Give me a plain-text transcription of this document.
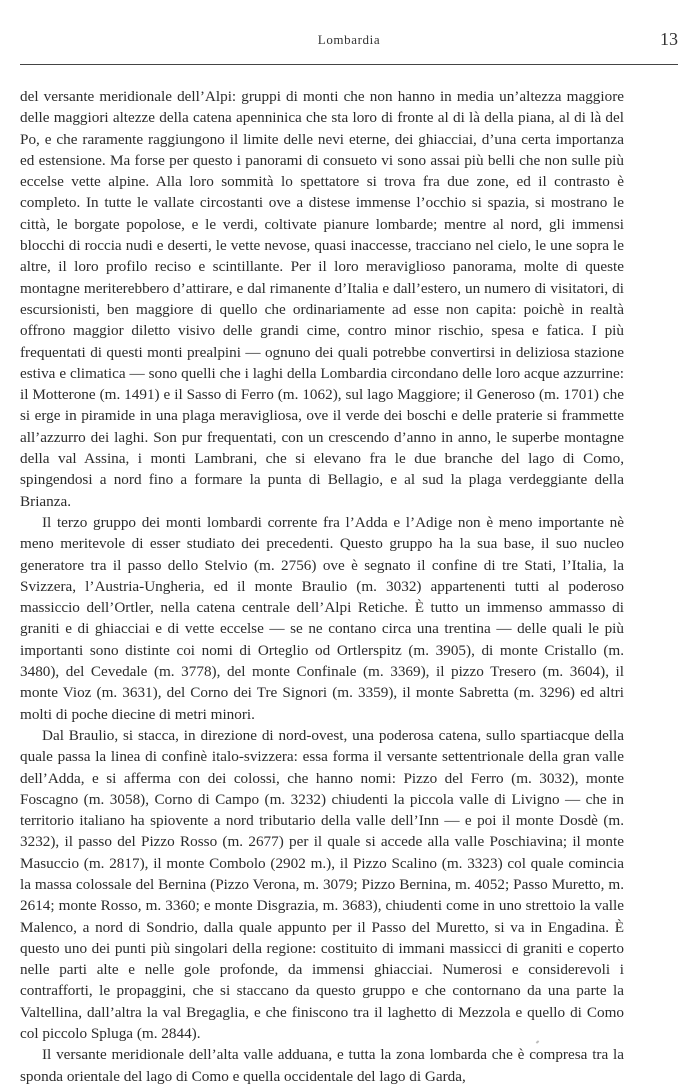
Lombardia	13

del versante meridionale dell’Alpi: gruppi di monti che non hanno in media un’altezza maggiore delle maggiori altezze della catena apenninica che sta loro di fronte al di là della piana, al di là del Po, e che raramente raggiungono il limite delle nevi eterne, dei ghiacciai, d’una certa importanza ed estensione. Ma forse per questo i panorami di consueto vi sono assai più belli che non sulle più eccelse vette alpine. Alla loro sommità lo spettatore si trova fra due zone, ed il contrasto è completo. In tutte le vallate circostanti ove a distese immense l’occhio si spazia, si mostrano le città, le borgate popolose, e le verdi, coltivate pianure lombarde; mentre al nord, gli immensi blocchi di roccia nudi e deserti, le vette nevose, quasi inaccesse, tracciano nel cielo, le une sopra le altre, il loro profilo reciso e scintillante. Per il loro meraviglioso panorama, molte di queste montagne meriterebbero d’attirare, e dal rimanente d’Italia e dall’estero, un numero di visitatori, di escursionisti, ben maggiore di quello che ordinariamente ad esse non capita: poichè in realtà offrono maggior diletto visivo delle grandi cime, contro minor rischio, spesa e fatica. I più frequentati di questi monti prealpini — ognuno dei quali potrebbe convertirsi in deliziosa stazione estiva e climatica — sono quelli che i laghi della Lombardia circondano delle loro acque azzurrine: il Motterone (m. 1491) e il Sasso di Ferro (m. 1062), sul lago Maggiore; il Generoso (m. 1701) che si erge in piramide in una plaga meravigliosa, ove il verde dei boschi e delle praterie si frammette all’azzurro dei laghi. Son pur frequentati, con un crescendo d’anno in anno, le superbe montagne della val Assina, i monti Lambrani, che si elevano fra le due branche del lago di Como, spingendosi a nord fino a formare la punta di Bellagio, e al sud la plaga verdeggiante della Brianza.

Il terzo gruppo dei monti lombardi corrente fra l’Adda e l’Adige non è meno importante nè meno meritevole di esser studiato dei precedenti. Questo gruppo ha la sua base, il suo nucleo generatore tra il passo dello Stelvio (m. 2756) ove è segnato il confine di tre Stati, l’Italia, la Svizzera, l’Austria-Ungheria, ed il monte Braulio (m. 3032) appartenenti tutti al poderoso massiccio dell’Ortler, nella catena centrale dell’Alpi Retiche. È tutto un immenso ammasso di graniti e di ghiacciai e di vette eccelse — se ne contano circa una trentina — delle quali le più importanti sono distinte coi nomi di Orteglio od Ortlerspitz (m. 3905), di monte Cristallo (m. 3480), del Cevedale (m. 3778), del monte Confinale (m. 3369), il pizzo Tresero (m. 3604), il monte Vioz (m. 3631), del Corno dei Tre Signori (m. 3359), il monte Sabretta (m. 3296) ed altri molti di poche diecine di metri minori.

Dal Braulio, si stacca, in direzione di nord-ovest, una poderosa catena, sullo spartiacque della quale passa la linea di confinè italo-svizzera: essa forma il versante settentrionale della gran valle dell’Adda, e si afferma con dei colossi, che hanno nomi: Pizzo del Ferro (m. 3032), monte Foscagno (m. 3058), Corno di Campo (m. 3232) chiudenti la piccola valle di Livigno — che in territorio italiano ha spiovente a nord tributario della valle dell’Inn — e poi il monte Dosdè (m. 3232), il passo del Pizzo Rosso (m. 2677) per il quale si accede alla valle Poschiavina; il monte Masuccio (m. 2817), il monte Combolo (2902 m.), il Pizzo Scalino (m. 3323) col quale comincia la massa colossale del Bernina (Pizzo Verona, m. 3079; Pizzo Bernina, m. 4052; Passo Muretto, m. 2614; monte Rosso, m. 3360; e monte Disgrazia, m. 3683), chiudenti come in uno strettoio la valle Malenco, a nord di Sondrio, dalla quale appunto per il Passo del Muretto, si va in Engadina. È questo uno dei punti più singolari della regione: costituito di immani massicci di graniti e coperto nelle parti alte e nelle gole profonde, da immensi ghiacciai. Numerosi e considerevoli i contrafforti, le propaggini, che si staccano da questo gruppo e che contornano da una parte la Valtellina, dall’altra la val Bregaglia, e che finiscono tra il laghetto di Mezzola e quello di Como col piccolo Spluga (m. 2844).

Il versante meridionale dell’alta valle adduana, e tutta la zona lombarda che è compresa tra la sponda orientale del lago di Como e quella occidentale del lago di Garda,
